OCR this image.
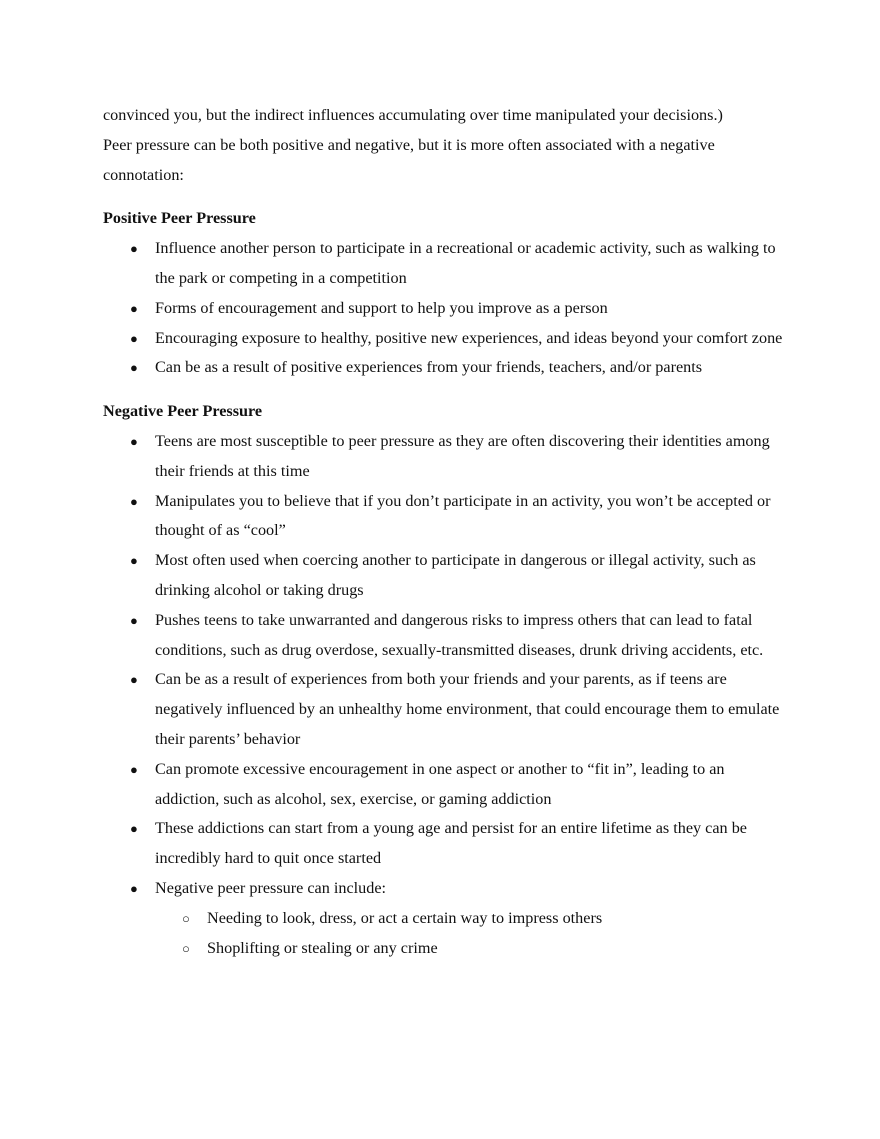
convinced you, but the indirect influences accumulating over time manipulated your decisions.)

Peer pressure can be both positive and negative, but it is more often associated with a negative connotation:

Positive Peer Pressure
● Influence another person to participate in a recreational or academic activity, such as walking to the park or competing in a competition
● Forms of encouragement and support to help you improve as a person
● Encouraging exposure to healthy, positive new experiences, and ideas beyond your comfort zone
● Can be as a result of positive experiences from your friends, teachers, and/or parents
Negative Peer Pressure
● Teens are most susceptible to peer pressure as they are often discovering their identities among their friends at this time
● Manipulates you to believe that if you don’t participate in an activity, you won’t be accepted or thought of as “cool”
● Most often used when coercing another to participate in dangerous or illegal activity, such as drinking alcohol or taking drugs
● Pushes teens to take unwarranted and dangerous risks to impress others that can lead to fatal conditions, such as drug overdose, sexually-transmitted diseases, drunk driving accidents, etc.
● Can be as a result of experiences from both your friends and your parents, as if teens are negatively influenced by an unhealthy home environment, that could encourage them to emulate their parents’ behavior
● Can promote excessive encouragement in one aspect or another to “fit in”, leading to an addiction, such as alcohol, sex, exercise, or gaming addiction
● These addictions can start from a young age and persist for an entire lifetime as they can be incredibly hard to quit once started
● Negative peer pressure can include:
○ Needing to look, dress, or act a certain way to impress others
○ Shoplifting or stealing or any crime
